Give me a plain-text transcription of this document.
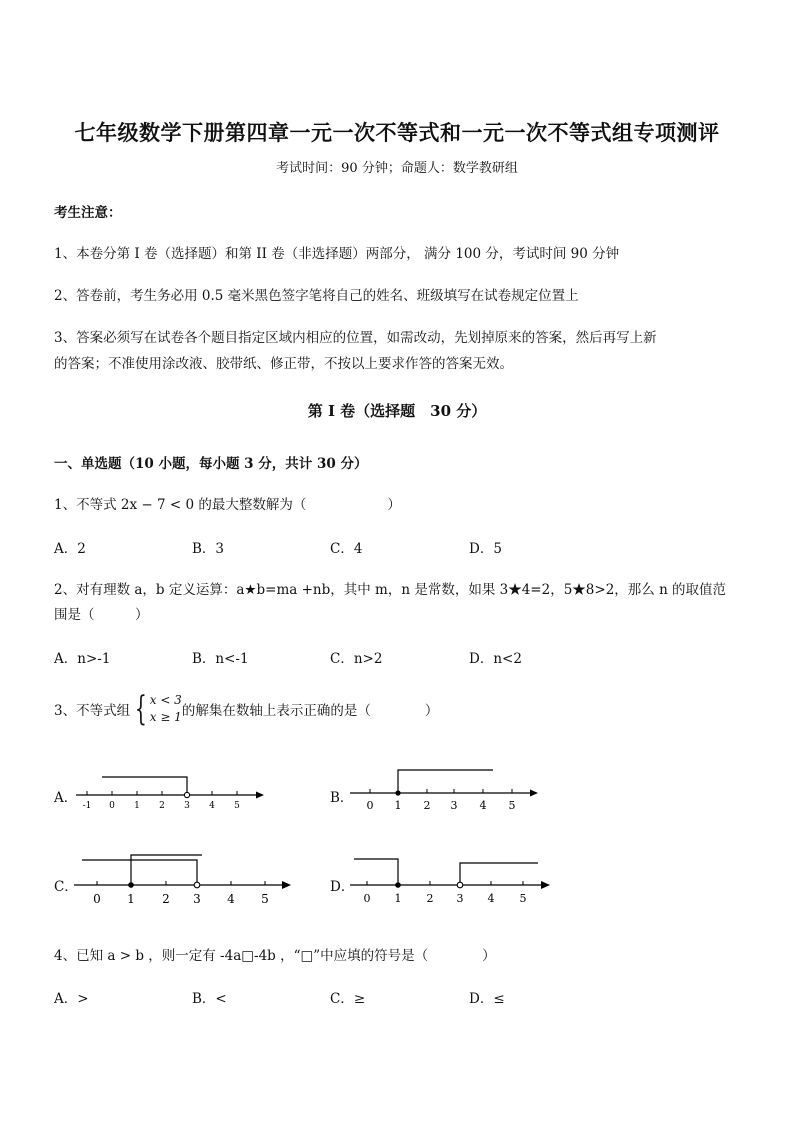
七年级数学下册第四章一元一次不等式和一元一次不等式组专项测评
考试时间：90 分钟；命题人：数学教研组
考生注意：
1、本卷分第 I 卷（选择题）和第 II 卷（非选择题）两部分， 满分 100 分，考试时间 90 分钟
2、答卷前，考生务必用 0.5 毫米黑色签字笔将自己的姓名、班级填写在试卷规定位置上
3、答案必须写在试卷各个题目指定区域内相应的位置，如需改动，先划掉原来的答案，然后再写上新
的答案；不准使用涂改液、胶带纸、修正带，不按以上要求作答的答案无效。
第 I 卷（选择题　30 分）
一、单选题（10 小题，每小题 3 分，共计 30 分）
1、不等式 2x − 7 < 0 的最大整数解为（　　　　　　）
A．2	B．3	C．4	D．5
2、对有理数 a，b 定义运算：a★b=ma +nb，其中 m，n 是常数，如果 3★4=2，5★8>2，那么 n 的取值范
围是（　　　）
A．n>-1	B．n<-1	C．n>2	D．n<2
3、不等式组 { x < 3
x ≥ 1 的解集在数轴上表示正确的是（　　　　）
A． -1 0 1 2 3 4 5	B． 0 1 2 3 4 5
C．
0 1 2 3 4 5
D．
0 1 2 3 4 5
4、已知 a > b ，则一定有 -4a□-4b ，“□”中应填的符号是（　　　　）
A．>	B．<	C．≥	D．≤
